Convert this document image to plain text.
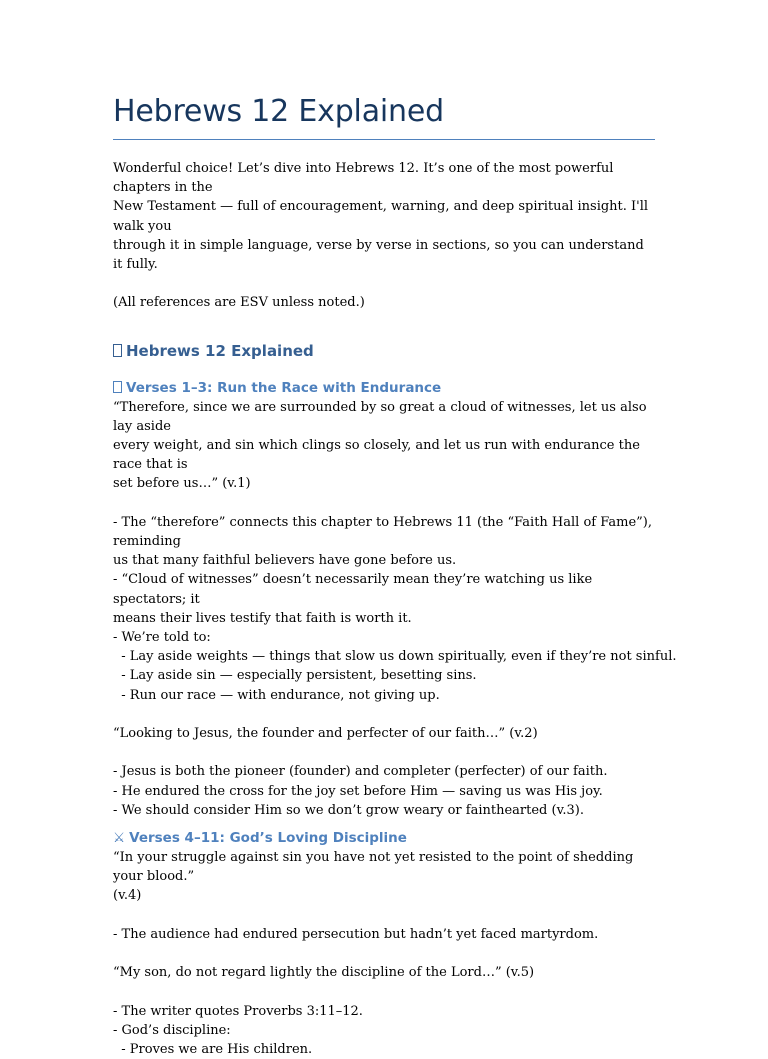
Hebrews 12 Explained

Wonderful choice! Let’s dive into Hebrews 12. It’s one of the most powerful chapters in the

New Testament — full of encouragement, warning, and deep spiritual insight. I'll walk you

through it in simple language, verse by verse in sections, so you can understand it fully.

(All references are ESV unless noted.)

Hebrews 12 Explained
Verses 1–3: Run the Race with Endurance

“Therefore, since we are surrounded by so great a cloud of witnesses, let us also lay aside

every weight, and sin which clings so closely, and let us run with endurance the race that is

set before us…” (v.1)

- The “therefore” connects this chapter to Hebrews 11 (the “Faith Hall of Fame”), reminding

us that many faithful believers have gone before us.

- “Cloud of witnesses” doesn’t necessarily mean they’re watching us like spectators; it

means their lives testify that faith is worth it.

- We’re told to:

- Lay aside weights — things that slow us down spiritually, even if they’re not sinful.

- Lay aside sin — especially persistent, besetting sins.

- Run our race — with endurance, not giving up.

“Looking to Jesus, the founder and perfecter of our faith…” (v.2)

- Jesus is both the pioneer (founder) and completer (perfecter) of our faith.

- He endured the cross for the joy set before Him — saving us was His joy.

- We should consider Him so we don’t grow weary or fainthearted (v.3).

⚔ Verses 4–11: God’s Loving Discipline

“In your struggle against sin you have not yet resisted to the point of shedding your blood.”

(v.4)

- The audience had endured persecution but hadn’t yet faced martyrdom.

“My son, do not regard lightly the discipline of the Lord…” (v.5)

- The writer quotes Proverbs 3:11–12.

- God’s discipline:

- Proves we are His children.
